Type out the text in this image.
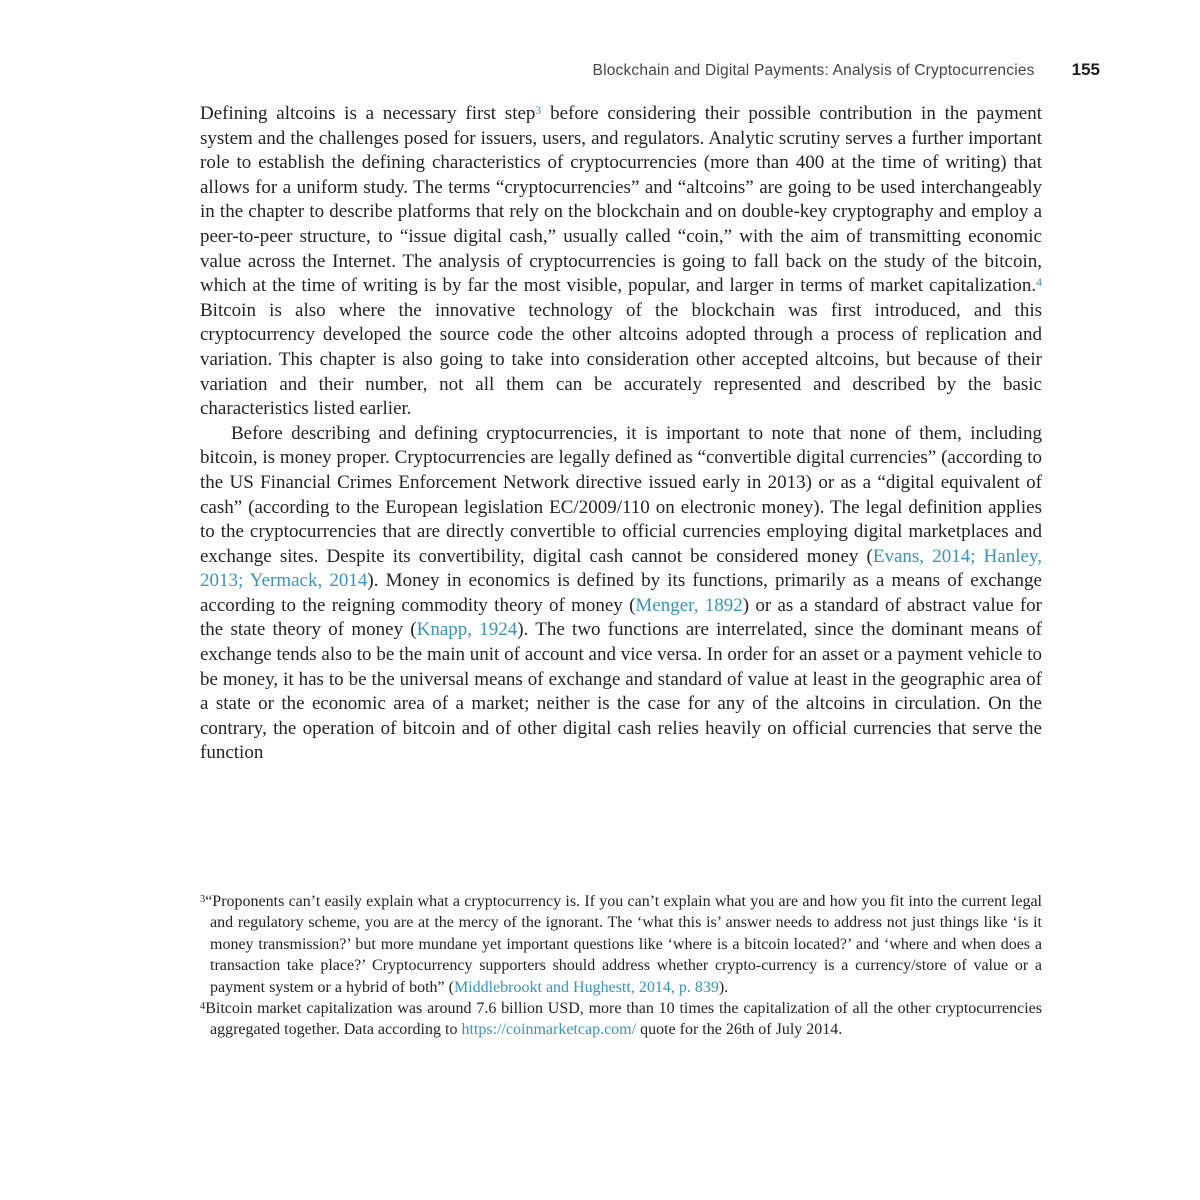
Blockchain and Digital Payments: Analysis of Cryptocurrencies 155

Defining altcoins is a necessary first step$^3$ before considering their possible contribution in the payment system and the challenges posed for issuers, users, and regulators. Analytic scrutiny serves a further important role to establish the defining characteristics of cryptocurrencies (more than 400 at the time of writing) that allows for a uniform study. The terms “cryptocurrencies” and “altcoins” are going to be used interchangeably in the chapter to describe platforms that rely on the blockchain and on double-key cryptography and employ a peer-to-peer structure, to “issue digital cash,” usually called “coin,” with the aim of transmitting economic value across the Internet. The analysis of cryptocurrencies is going to fall back on the study of the bitcoin, which at the time of writing is by far the most visible, popular, and larger in terms of market capitalization.$^4$ Bitcoin is also where the innovative technology of the blockchain was first introduced, and this cryptocurrency developed the source code the other altcoins adopted through a process of replication and variation. This chapter is also going to take into consideration other accepted altcoins, but because of their variation and their number, not all them can be accurately represented and described by the basic characteristics listed earlier.

Before describing and defining cryptocurrencies, it is important to note that none of them, including bitcoin, is money proper. Cryptocurrencies are legally defined as “convertible digital currencies” (according to the US Financial Crimes Enforcement Network directive issued early in 2013) or as a “digital equivalent of cash” (according to the European legislation EC/2009/110 on electronic money). The legal definition applies to the cryptocurrencies that are directly convertible to official currencies employing digital marketplaces and exchange sites. Despite its convertibility, digital cash cannot be considered money (Evans, 2014; Hanley, 2013; Yermack, 2014). Money in economics is defined by its functions, primarily as a means of exchange according to the reigning commodity theory of money (Menger, 1892) or as a standard of abstract value for the state theory of money (Knapp, 1924). The two functions are interrelated, since the dominant means of exchange tends also to be the main unit of account and vice versa. In order for an asset or a payment vehicle to be money, it has to be the universal means of exchange and standard of value at least in the geographic area of a state or the economic area of a market; neither is the case for any of the altcoins in circulation. On the contrary, the operation of bitcoin and of other digital cash relies heavily on official currencies that serve the function

$^3$“Proponents can’t easily explain what a cryptocurrency is. If you can’t explain what you are and how you fit into the current legal and regulatory scheme, you are at the mercy of the ignorant. The ‘what this is’ answer needs to address not just things like ‘is it money transmission?’ but more mundane yet important questions like ‘where is a bitcoin located?’ and ‘where and when does a transaction take place?’ Cryptocurrency supporters should address whether crypto-currency is a currency/store of value or a payment system or a hybrid of both” (Middlebrookt and Hughestt, 2014, p. 839).

$^4$Bitcoin market capitalization was around 7.6 billion USD, more than 10 times the capitalization of all the other cryptocurrencies aggregated together. Data according to https://coinmarketcap.com/ quote for the 26th of July 2014.
